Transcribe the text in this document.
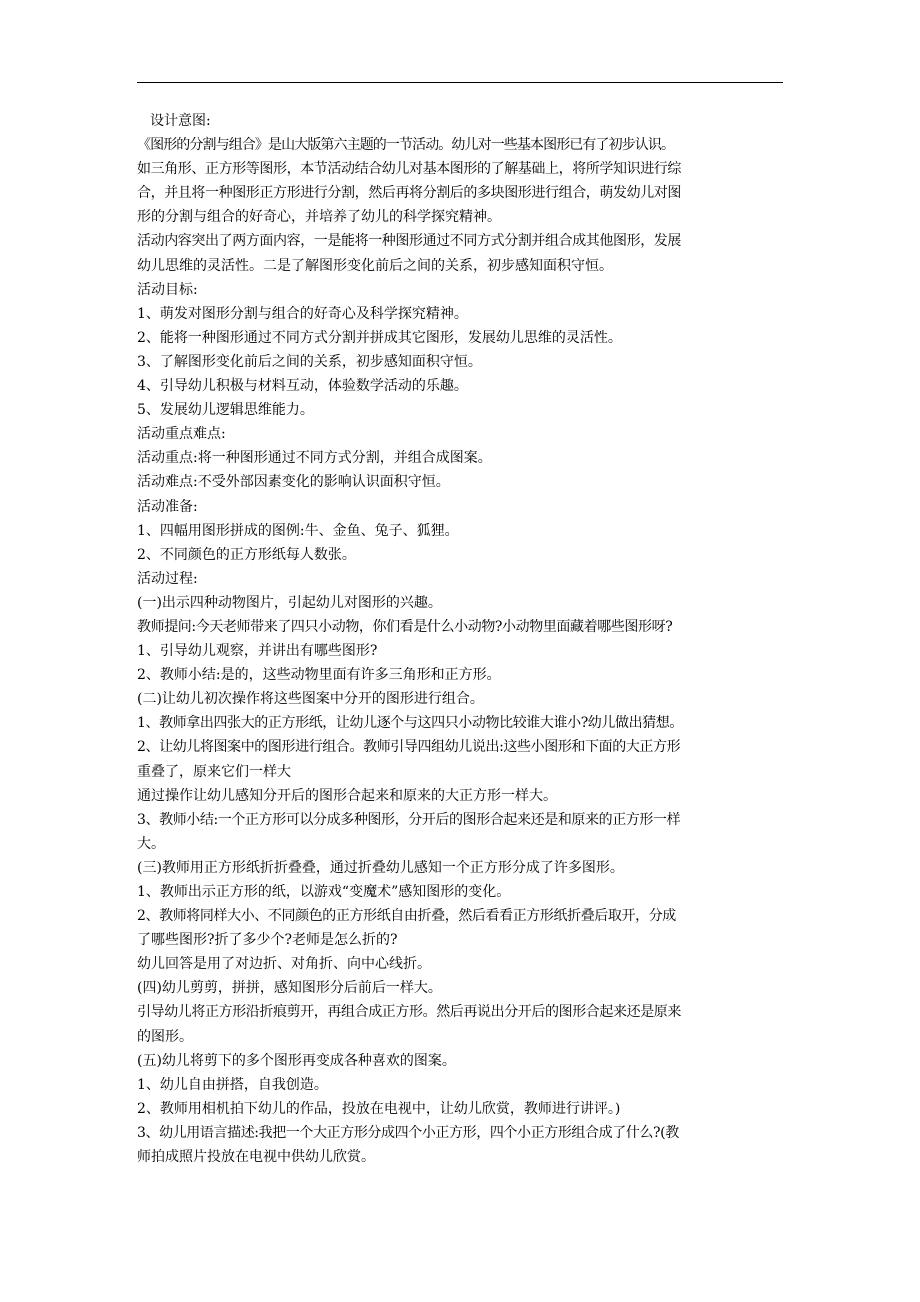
设计意图:
《图形的分割与组合》是山大版第六主题的一节活动。幼儿对一些基本图形已有了初步认识。
如三角形、正方形等图形，本节活动结合幼儿对基本图形的了解基础上，将所学知识进行综
合，并且将一种图形正方形进行分割，然后再将分割后的多块图形进行组合，萌发幼儿对图
形的分割与组合的好奇心，并培养了幼儿的科学探究精神。
活动内容突出了两方面内容，一是能将一种图形通过不同方式分割并组合成其他图形，发展
幼儿思维的灵活性。二是了解图形变化前后之间的关系，初步感知面积守恒。
活动目标:
1、萌发对图形分割与组合的好奇心及科学探究精神。
2、能将一种图形通过不同方式分割并拼成其它图形，发展幼儿思维的灵活性。
3、了解图形变化前后之间的关系，初步感知面积守恒。
4、引导幼儿积极与材料互动，体验数学活动的乐趣。
5、发展幼儿逻辑思维能力。
活动重点难点:
活动重点:将一种图形通过不同方式分割，并组合成图案。
活动难点:不受外部因素变化的影响认识面积守恒。
活动准备:
1、四幅用图形拼成的图例:牛、金鱼、兔子、狐狸。
2、不同颜色的正方形纸每人数张。
活动过程:
(一)出示四种动物图片，引起幼儿对图形的兴趣。
教师提问:今天老师带来了四只小动物，你们看是什么小动物?小动物里面藏着哪些图形呀?
1、引导幼儿观察，并讲出有哪些图形?
2、教师小结:是的，这些动物里面有许多三角形和正方形。
(二)让幼儿初次操作将这些图案中分开的图形进行组合。
1、教师拿出四张大的正方形纸，让幼儿逐个与这四只小动物比较谁大谁小?幼儿做出猜想。
2、让幼儿将图案中的图形进行组合。教师引导四组幼儿说出:这些小图形和下面的大正方形
重叠了，原来它们一样大
通过操作让幼儿感知分开后的图形合起来和原来的大正方形一样大。
3、教师小结:一个正方形可以分成多种图形，分开后的图形合起来还是和原来的正方形一样
大。
(三)教师用正方形纸折折叠叠，通过折叠幼儿感知一个正方形分成了许多图形。
1、教师出示正方形的纸，以游戏“变魔术”感知图形的变化。
2、教师将同样大小、不同颜色的正方形纸自由折叠，然后看看正方形纸折叠后取开，分成
了哪些图形?折了多少个?老师是怎么折的?
幼儿回答是用了对边折、对角折、向中心线折。
(四)幼儿剪剪，拼拼，感知图形分后前后一样大。
引导幼儿将正方形沿折痕剪开，再组合成正方形。然后再说出分开后的图形合起来还是原来
的图形。
(五)幼儿将剪下的多个图形再变成各种喜欢的图案。
1、幼儿自由拼搭，自我创造。
2、教师用相机拍下幼儿的作品，投放在电视中，让幼儿欣赏，教师进行讲评。)
3、幼儿用语言描述:我把一个大正方形分成四个小正方形，四个小正方形组合成了什么?(教
师拍成照片投放在电视中供幼儿欣赏。
